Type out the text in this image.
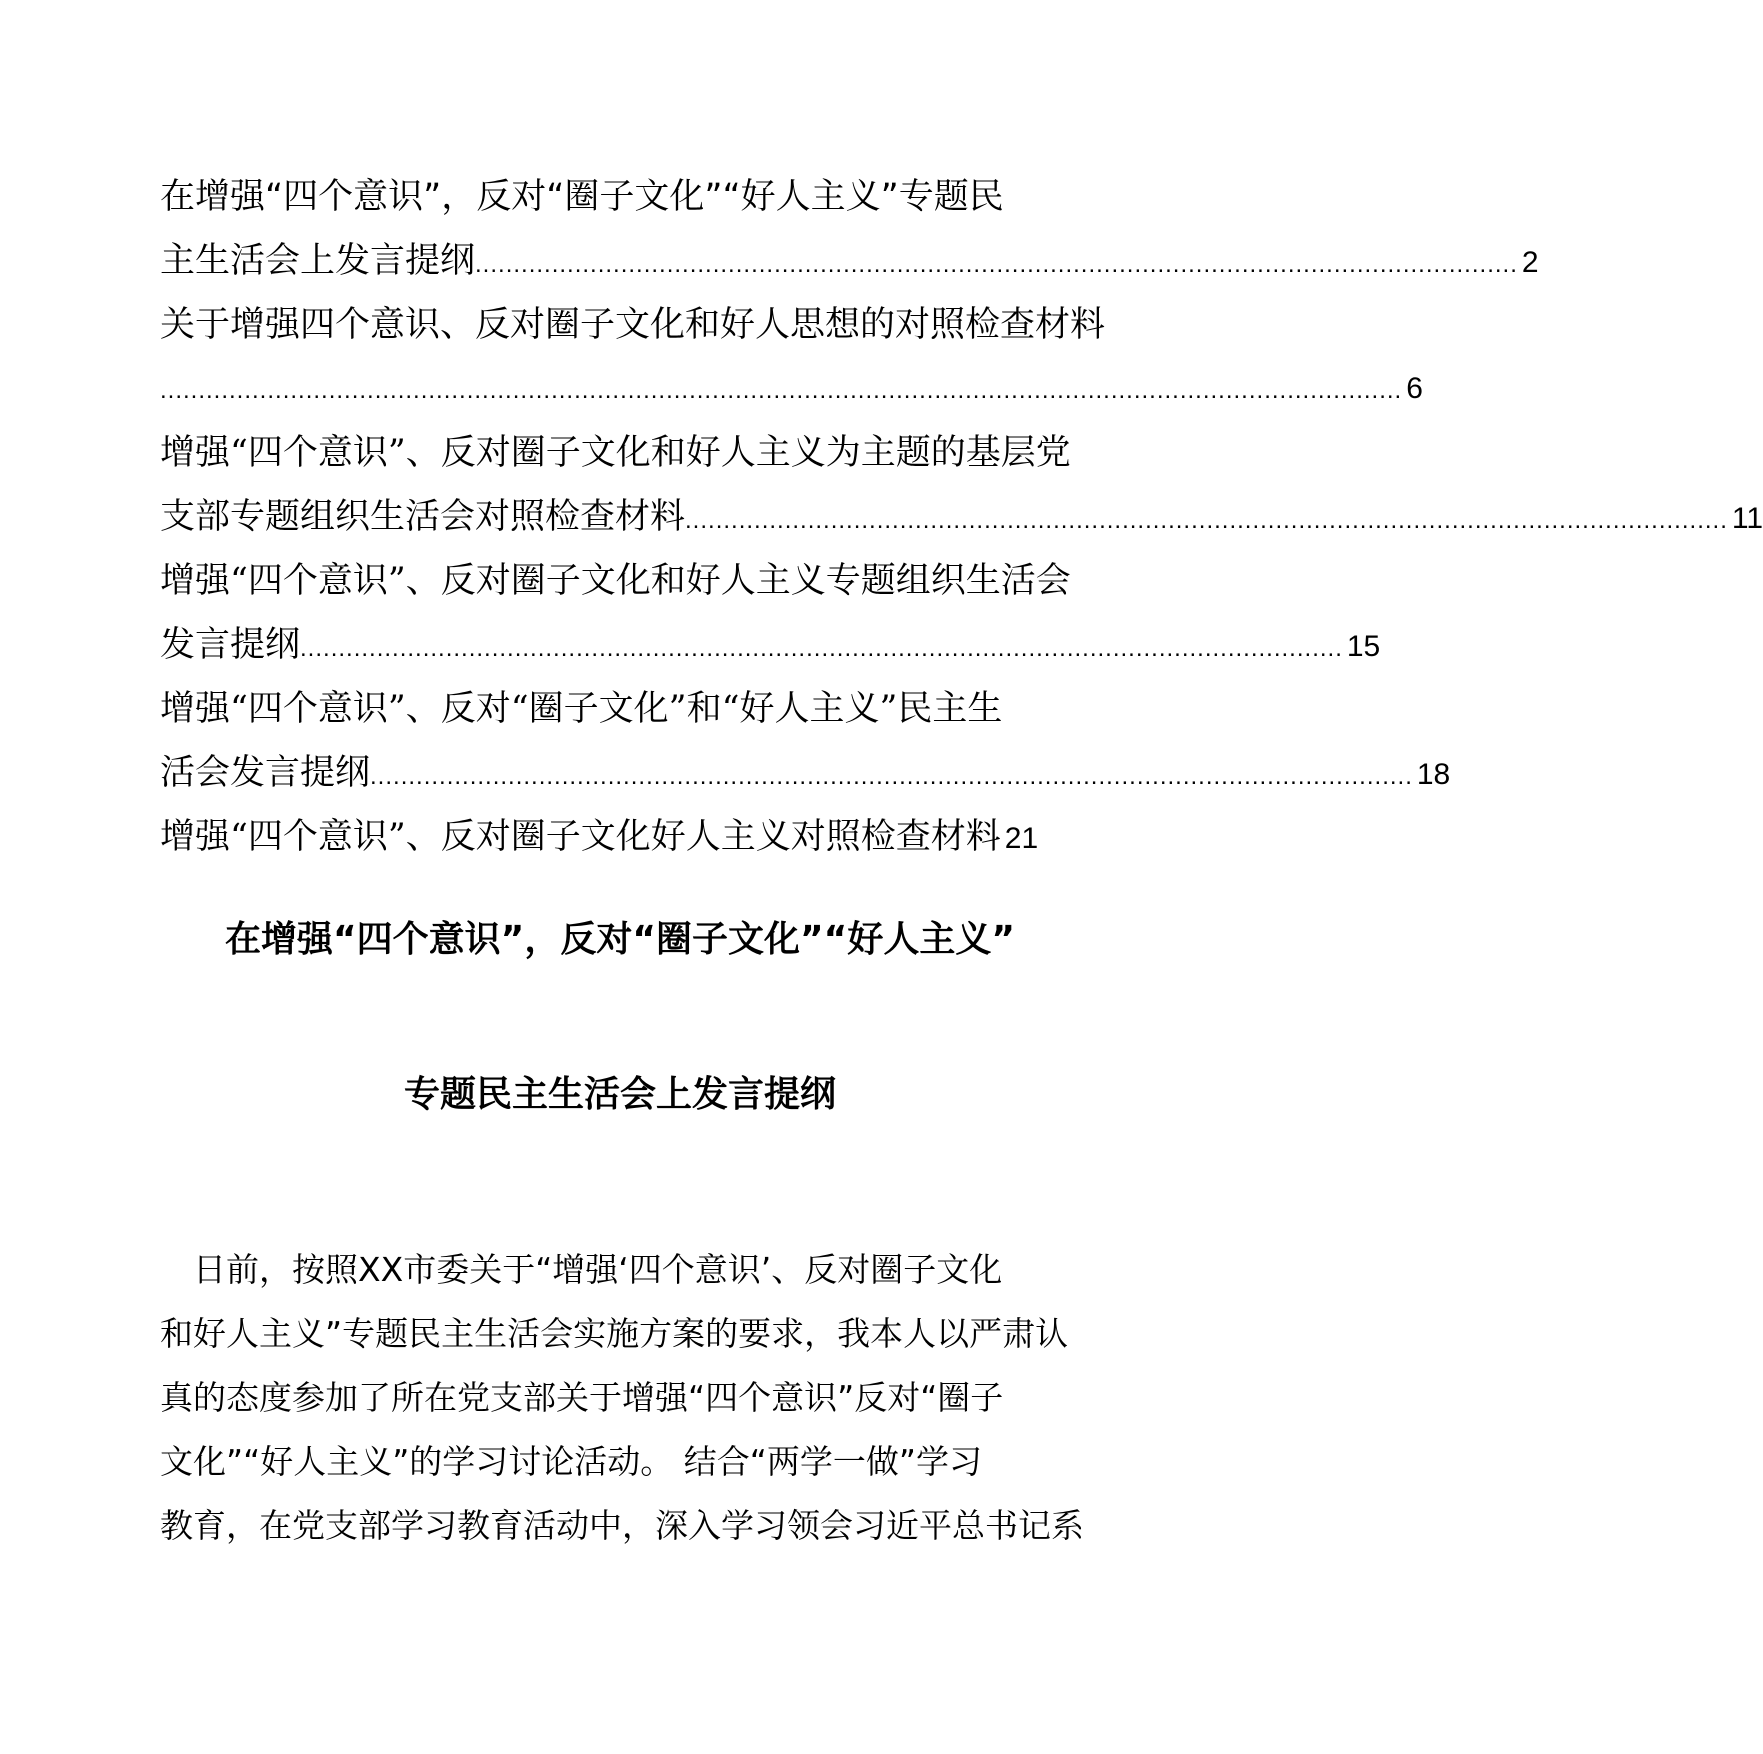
在增强“四个意识”，反对“圈子文化”“好人主义”专题民
主生活会上发言提纲 ........................................................................................................................................ 2
关于增强四个意识、反对圈子文化和好人思想的对照检查材料
.................................................................................................................................................................. 6
增强“四个意识”、反对圈子文化和好人主义为主题的基层党
支部专题组织生活会对照检查材料 ........................................................................................................................................ 11
增强“四个意识”、反对圈子文化和好人主义专题组织生活会
发言提纲 ........................................................................................................................................ 15
增强“四个意识”、反对“圈子文化”和“好人主义”民主生
活会发言提纲 ........................................................................................................................................ 18
增强“四个意识”、反对圈子文化好人主义对照检查材料 21
在增强“四个意识”，反对“圈子文化”“好人主义”
专题民主生活会上发言提纲
　日前，按照XX市委关于“增强‘四个意识’、反对圈子文化
和好人主义”专题民主生活会实施方案的要求，我本人以严肃认
真的态度参加了所在党支部关于增强“四个意识”反对“圈子
文化”“好人主义”的学习讨论活动。 结合“两学一做”学习
教育，在党支部学习教育活动中，深入学习领会习近平总书记系
